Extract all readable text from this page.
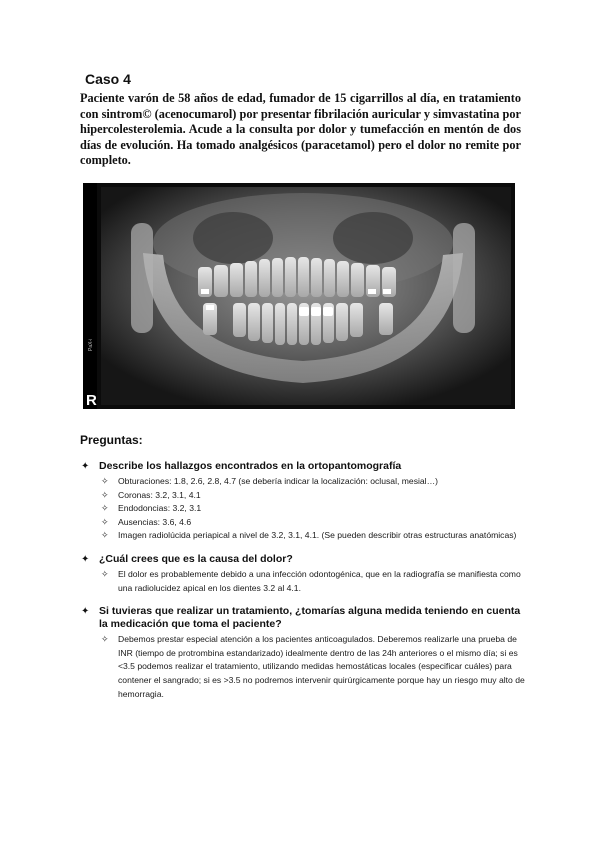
Caso 4
Paciente varón de 58 años de edad, fumador de 15 cigarrillos al día, en tratamiento con sintrom© (acenocumarol) por presentar fibrilación auricular y simvastatina por hipercolesterolemia. Acude a la consulta por dolor y tumefacción en mentón de dos días de evolución. Ha tomado analgésicos (paracetamol) pero el dolor no remite por completo.
PaX-i
R
Preguntas:
✦ Describe los hallazgos encontrados en la ortopantomografía
✧ Obturaciones: 1.8, 2.6, 2.8, 4.7 (se debería indicar la localización: oclusal, mesial…)
✧ Coronas: 3.2, 3.1, 4.1
✧ Endodoncias: 3.2, 3.1
✧ Ausencias: 3.6, 4.6
✧ Imagen radiolúcida periapical a nivel de 3.2, 3.1, 4.1. (Se pueden describir otras estructuras anatómicas)
✦ ¿Cuál crees que es la causa del dolor?
✧ El dolor es probablemente debido a una infección odontogénica, que en la radiografía se manifiesta como una radiolucidez apical en los dientes 3.2 al 4.1.
✦ Si tuvieras que realizar un tratamiento, ¿tomarías alguna medida teniendo en cuenta la medicación que toma el paciente?
✧ Debemos prestar especial atención a los pacientes anticoagulados. Deberemos realizarle una prueba de INR (tiempo de protrombina estandarizado) idealmente dentro de las 24h anteriores o el mismo día; si es <3.5 podemos realizar el tratamiento, utilizando medidas hemostáticas locales (especificar cuáles) para contener el sangrado; si es >3.5 no podremos intervenir quirúrgicamente porque hay un riesgo muy alto de hemorragia.
